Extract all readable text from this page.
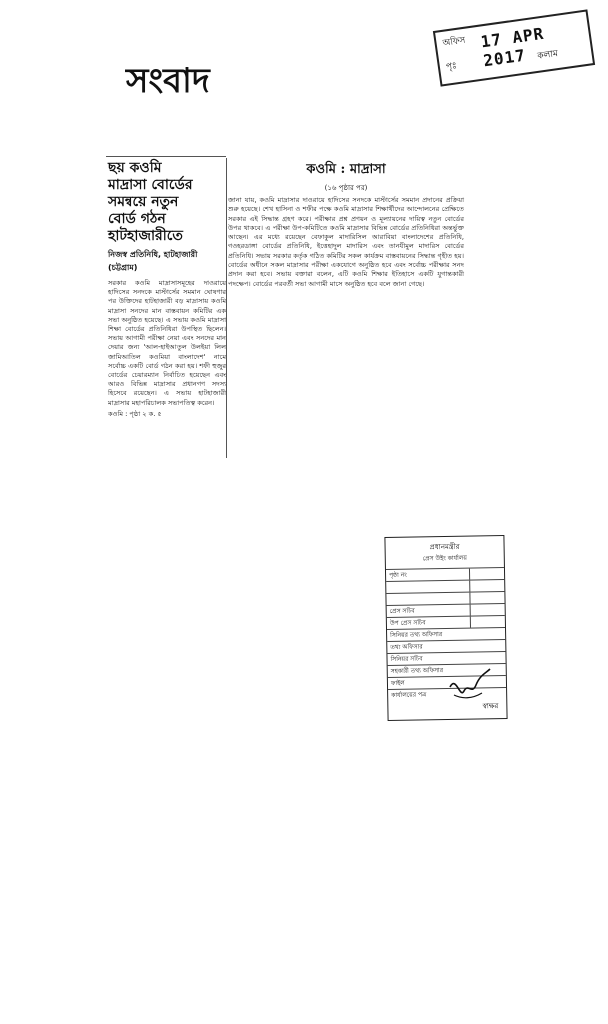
অফিস
পৃঃ
17 APR 2017	কলাম
সংবাদ
ছয় কওমি
মাদ্রাসা বোর্ডের
সমন্বয়ে নতুন
বোর্ড গঠন
হাটহাজারীতে
নিজস্ব প্রতিনিধি, হাটহাজারী (চট্টগ্রাম)
সরকার কওমি মাদ্রাসাসমূহের দাওরায়ে হাদিসের সনদকে মাস্টার্সের সমমান ঘোষণার পর উক্তিদের হাটহাজারী বড় মাদ্রাসায় কওমি মাদ্রাসা সনদের মান বাস্তবায়ন কমিটির এক সভা অনুষ্ঠিত হয়েছে। এ সভায় কওমি মাদ্রাসা শিক্ষা বোর্ডের প্রতিনিধিরা উপস্থিত ছিলেন। সভায় আগামী পরীক্ষা নেয়া এবং সনদের মান দেয়ার জন্য 'আল-হাইআতুল উলইয়া লিল জামিআতিল কওমিয়া বাংলাদেশ' নামে সর্বোচ্চ একটি বোর্ড গঠন করা হয়। শফী হুজুর বোর্ডের চেয়ারম্যান নির্বাচিত হয়েছেন এবং আরও বিভিন্ন মাদ্রাসার প্রধানগণ সদস্য হিসেবে রয়েছেন। এ সভায় হাটহাজারী মাদ্রাসার মহাপরিচালক সভাপতিত্ব করেন।
কওমি : পৃষ্ঠা ২ ক. ৫
কওমি : মাদ্রাসা
(১৬ পৃষ্ঠার পর)
জানা যায়, কওমি মাদ্রাসার দাওরায়ে হাদিসের সনদকে মাস্টার্সের সমমান প্রদানের প্রক্রিয়া শুরু হয়েছে। শেখ হাসিনা ও শফীর পক্ষে কওমি মাদ্রাসার শিক্ষার্থীদের আন্দোলনের প্রেক্ষিতে সরকার এই সিদ্ধান্ত গ্রহণ করে। পরীক্ষার প্রশ্ন প্রণয়ন ও মূল্যায়নের দায়িত্ব নতুন বোর্ডের উপর থাকবে। এ পরীক্ষা উপ-কমিটিতে কওমি মাদ্রাসার বিভিন্ন বোর্ডের প্রতিনিধিরা অন্তর্ভুক্ত আছেন। এর মধ্যে রয়েছেন বেফাকুল মাদারিসিল আরাবিয়া বাংলাদেশের প্রতিনিধি, গওহরডাঙ্গা বোর্ডের প্রতিনিধি, ইত্তেহাদুল মাদারিস এবং তানযীমুল মাদারিস বোর্ডের প্রতিনিধি। সভায় সরকার কর্তৃক গঠিত কমিটির সকল কার্যক্রম বাস্তবায়নের সিদ্ধান্ত গৃহীত হয়। বোর্ডের অধীনে সকল মাদ্রাসার পরীক্ষা একযোগে অনুষ্ঠিত হবে এবং সর্বোচ্চ পরীক্ষার সনদ প্রদান করা হবে। সভায় বক্তারা বলেন, এটি কওমি শিক্ষার ইতিহাসে একটি যুগান্তকারী পদক্ষেপ। বোর্ডের পরবর্তী সভা আগামী মাসে অনুষ্ঠিত হবে বলে জানা গেছে।
প্রধানমন্ত্রীর
প্রেস উইং কার্যালয়
পৃষ্ঠা নং
প্রেস সচিব
উপ প্রেস সচিব
সিনিয়র তথ্য অফিসার
তথ্য অফিসার
সিনিয়র সচিব
সহকারী তথ্য অফিসার
ফাইল
কার্যালয়ের পত্র
স্বাক্ষর
